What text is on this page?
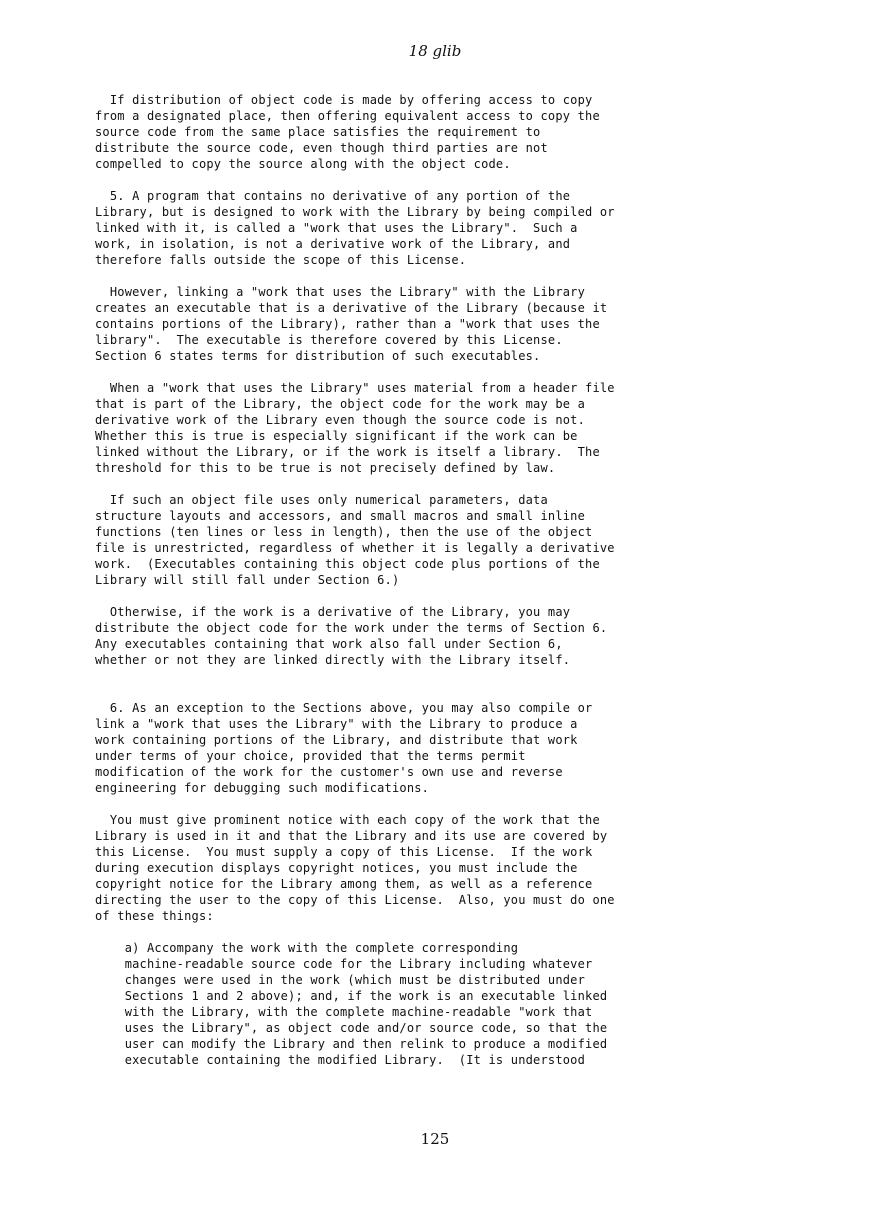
18 glib
If distribution of object code is made by offering access to copy
from a designated place, then offering equivalent access to copy the
source code from the same place satisfies the requirement to
distribute the source code, even though third parties are not
compelled to copy the source along with the object code.
5. A program that contains no derivative of any portion of the
Library, but is designed to work with the Library by being compiled or
linked with it, is called a "work that uses the Library".  Such a
work, in isolation, is not a derivative work of the Library, and
therefore falls outside the scope of this License.
However, linking a "work that uses the Library" with the Library
creates an executable that is a derivative of the Library (because it
contains portions of the Library), rather than a "work that uses the
library".  The executable is therefore covered by this License.
Section 6 states terms for distribution of such executables.
When a "work that uses the Library" uses material from a header file
that is part of the Library, the object code for the work may be a
derivative work of the Library even though the source code is not.
Whether this is true is especially significant if the work can be
linked without the Library, or if the work is itself a library.  The
threshold for this to be true is not precisely defined by law.
If such an object file uses only numerical parameters, data
structure layouts and accessors, and small macros and small inline
functions (ten lines or less in length), then the use of the object
file is unrestricted, regardless of whether it is legally a derivative
work.  (Executables containing this object code plus portions of the
Library will still fall under Section 6.)
Otherwise, if the work is a derivative of the Library, you may
distribute the object code for the work under the terms of Section 6.
Any executables containing that work also fall under Section 6,
whether or not they are linked directly with the Library itself.
6. As an exception to the Sections above, you may also compile or
link a "work that uses the Library" with the Library to produce a
work containing portions of the Library, and distribute that work
under terms of your choice, provided that the terms permit
modification of the work for the customer's own use and reverse
engineering for debugging such modifications.
You must give prominent notice with each copy of the work that the
Library is used in it and that the Library and its use are covered by
this License.  You must supply a copy of this License.  If the work
during execution displays copyright notices, you must include the
copyright notice for the Library among them, as well as a reference
directing the user to the copy of this License.  Also, you must do one
of these things:
a) Accompany the work with the complete corresponding
machine-readable source code for the Library including whatever
changes were used in the work (which must be distributed under
Sections 1 and 2 above); and, if the work is an executable linked
with the Library, with the complete machine-readable "work that
uses the Library", as object code and/or source code, so that the
user can modify the Library and then relink to produce a modified
executable containing the modified Library.  (It is understood
125
